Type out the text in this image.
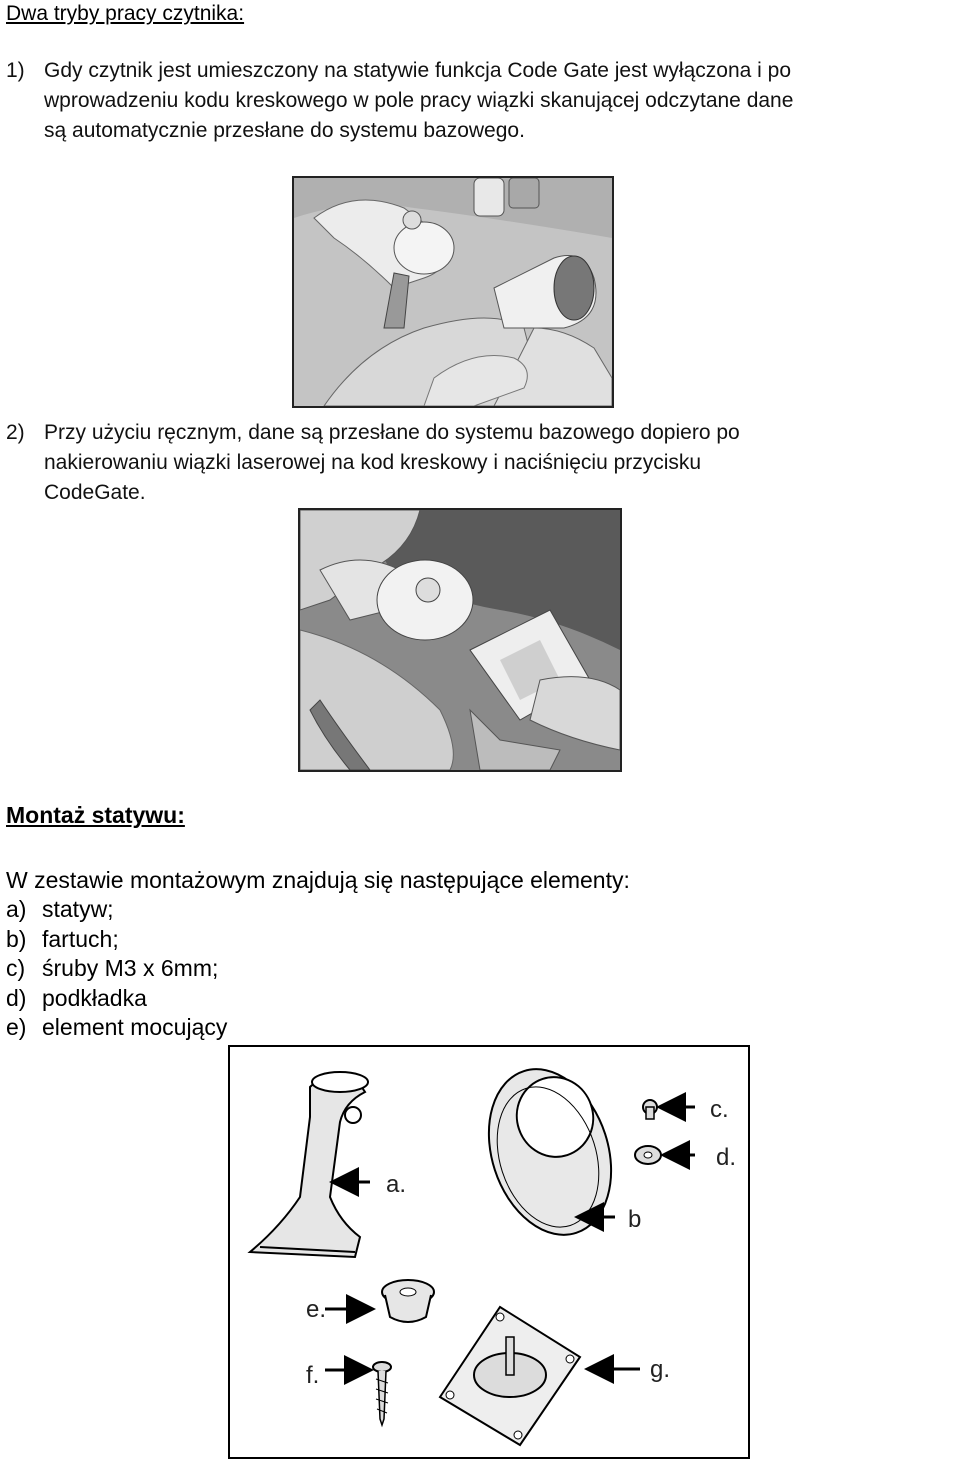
Dwa tryby pracy czytnika:
1) Gdy czytnik jest umieszczony na statywie funkcja Code Gate jest wyłączona i po
wprowadzeniu kodu kreskowego w pole pracy wiązki skanującej odczytane dane
są automatycznie przesłane do systemu bazowego.
2) Przy użyciu ręcznym, dane są przesłane do systemu bazowego dopiero po
nakierowaniu wiązki laserowej na kod kreskowy i naciśnięciu przycisku
CodeGate.
Montaż statywu:
W zestawie montażowym znajdują się następujące elementy:
a) statyw;
b) fartuch;
c) śruby M3 x 6mm;
d) podkładka
e) element mocujący
a.
b
c.
d.
e.
f.	g.
